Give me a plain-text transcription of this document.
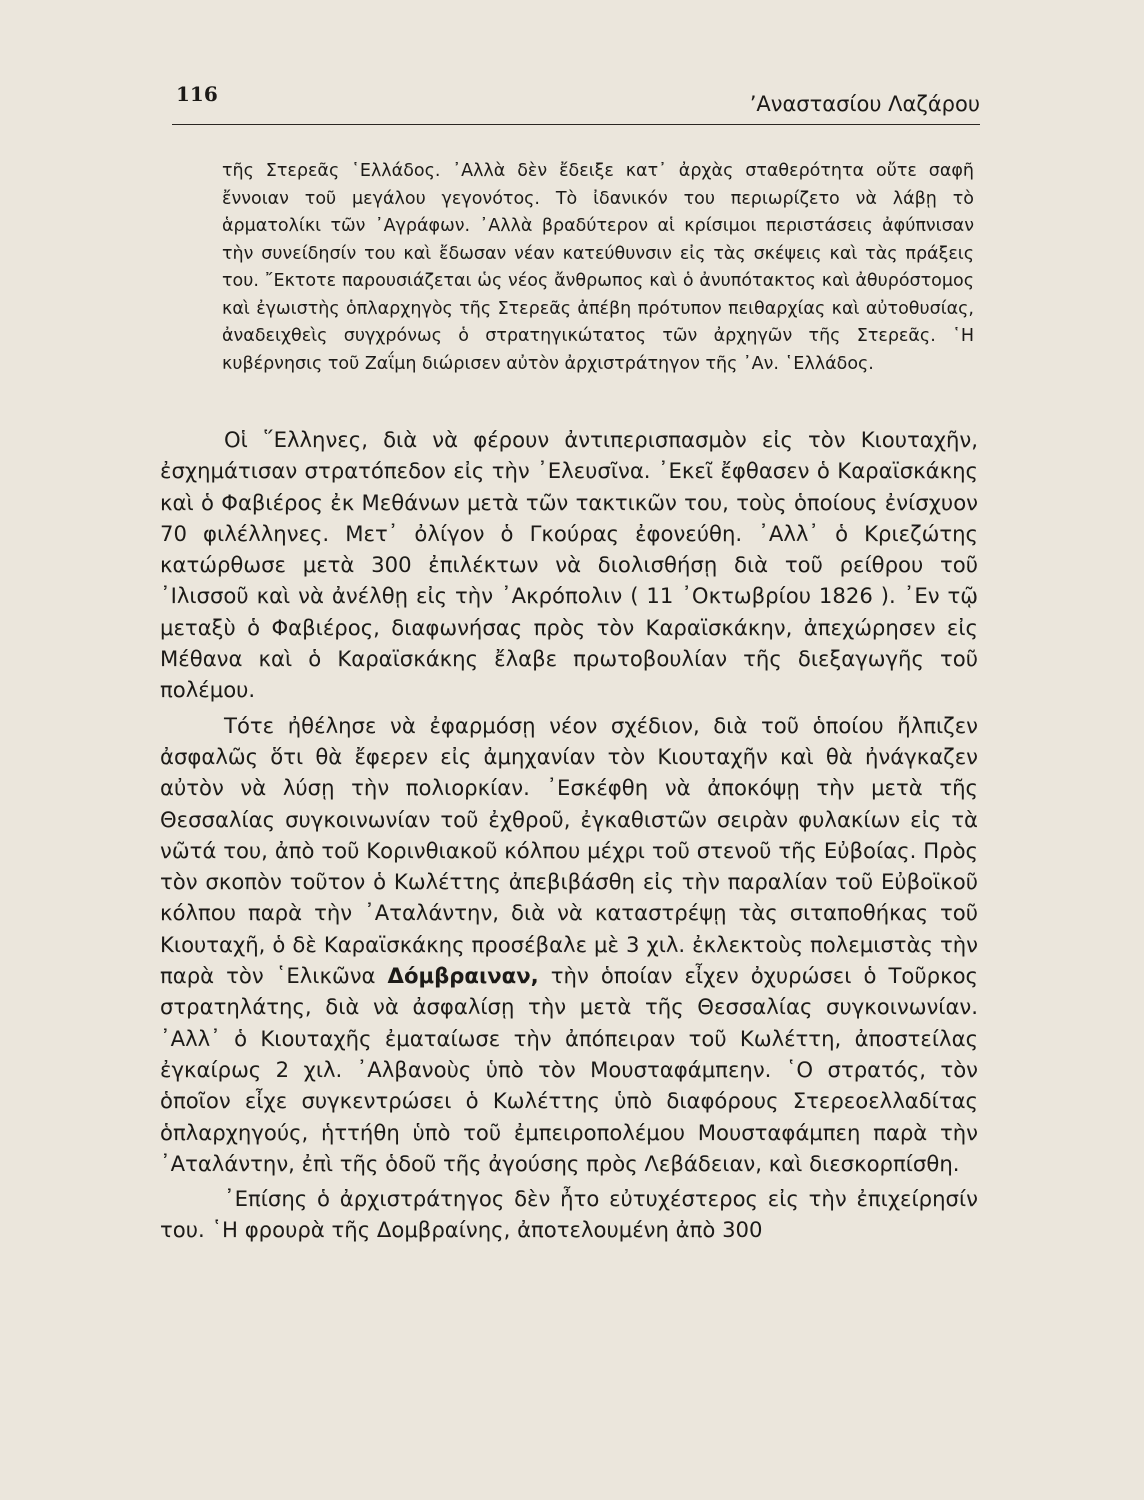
116	’Αναστασίου Λαζάρου

τῆς Στερεᾶς ῾Ελλάδος. ᾿Αλλὰ δὲν ἔδειξε κατ᾿ ἀρχὰς σταθερότητα οὔτε σαφῆ ἔννοιαν τοῦ μεγάλου γεγονότος. Τὸ ἰδανικόν του περιωρίζετο νὰ λάβῃ τὸ ἁρματολίκι τῶν ᾿Αγράφων. ᾿Αλλὰ βραδύτερον αἱ κρίσιμοι περιστάσεις ἀφύπνισαν τὴν συνείδησίν του καὶ ἔδωσαν νέαν κατεύθυνσιν εἰς τὰς σκέψεις καὶ τὰς πράξεις του. ῎Εκτοτε παρουσιάζεται ὡς νέος ἄνθρωπος καὶ ὁ ἀνυπότακτος καὶ ἀθυρόστομος καὶ ἐγωιστὴς ὁπλαρχηγὸς τῆς Στερεᾶς ἀπέβη πρότυπον πειθαρχίας καὶ αὐτοθυσίας, ἀναδειχθεὶς συγχρόνως ὁ στρατηγικώτατος τῶν ἀρχηγῶν τῆς Στερεᾶς. ῾Η κυβέρνησις τοῦ Ζαΐμη διώρισεν αὐτὸν ἀρχιστράτηγον τῆς ᾿Αν. ῾Ελλάδος.

Οἱ ῞Ελληνες, διὰ νὰ φέρουν ἀντιπερισπασμὸν εἰς τὸν Κιουταχῆν, ἐσχημάτισαν στρατόπεδον εἰς τὴν ᾿Ελευσῖνα. ᾿Εκεῖ ἔφθασεν ὁ Καραϊσκάκης καὶ ὁ Φαβιέρος ἐκ Μεθάνων μετὰ τῶν τακτικῶν του, τοὺς ὁποίους ἐνίσχυον 70 φιλέλληνες. Μετ᾿ ὀλίγον ὁ Γκούρας ἐφονεύθη. ᾿Αλλ᾿ ὁ Κριεζώτης κατώρθωσε μετὰ 300 ἐπιλέκτων νὰ διολισθήσῃ διὰ τοῦ ρείθρου τοῦ ᾿Ιλισσοῦ καὶ νὰ ἀνέλθῃ εἰς τὴν ᾿Ακρόπολιν ( 11 ᾿Οκτωβρίου 1826 ). ᾿Εν τῷ μεταξὺ ὁ Φαβιέρος, διαφωνήσας πρὸς τὸν Καραϊσκάκην, ἀπεχώρησεν εἰς Μέθανα καὶ ὁ Καραϊσκάκης ἔλαβε πρωτοβουλίαν τῆς διεξαγωγῆς τοῦ πολέμου.

Τότε ἠθέλησε νὰ ἐφαρμόσῃ νέον σχέδιον, διὰ τοῦ ὁποίου ἤλπιζεν ἀσφαλῶς ὅτι θὰ ἔφερεν εἰς ἀμηχανίαν τὸν Κιουταχῆν καὶ θὰ ἠνάγκαζεν αὐτὸν νὰ λύσῃ τὴν πολιορκίαν. ᾿Εσκέφθη νὰ ἀποκόψῃ τὴν μετὰ τῆς Θεσσαλίας συγκοινωνίαν τοῦ ἐχθροῦ, ἐγκαθιστῶν σειρὰν φυλακίων εἰς τὰ νῶτά του, ἀπὸ τοῦ Κορινθιακοῦ κόλπου μέχρι τοῦ στενοῦ τῆς Εὐβοίας. Πρὸς τὸν σκοπὸν τοῦτον ὁ Κωλέττης ἀπεβιβάσθη εἰς τὴν παραλίαν τοῦ Εὐβοϊκοῦ κόλπου παρὰ τὴν ᾿Αταλάντην, διὰ νὰ καταστρέψῃ τὰς σιταποθήκας τοῦ Κιουταχῆ, ὁ δὲ Καραϊσκάκης προσέβαλε μὲ 3 χιλ. ἐκλεκτοὺς πολεμιστὰς τὴν παρὰ τὸν ῾Ελικῶνα Δόμβραιναν, τὴν ὁποίαν εἶχεν ὀχυρώσει ὁ Τοῦρκος στρατηλάτης, διὰ νὰ ἀσφαλίσῃ τὴν μετὰ τῆς Θεσσαλίας συγκοινωνίαν. ᾿Αλλ᾿ ὁ Κιουταχῆς ἐματαίωσε τὴν ἀπόπειραν τοῦ Κωλέττη, ἀποστείλας ἐγκαίρως 2 χιλ. ᾿Αλβανοὺς ὑπὸ τὸν Μουσταφάμπεην. ῾Ο στρατός, τὸν ὁποῖον εἶχε συγκεντρώσει ὁ Κωλέττης ὑπὸ διαφόρους Στερεοελλαδίτας ὁπλαρχηγούς, ἡττήθη ὑπὸ τοῦ ἐμπειροπολέμου Μουσταφάμπεη παρὰ τὴν ᾿Αταλάντην, ἐπὶ τῆς ὁδοῦ τῆς ἀγούσης πρὸς Λεβάδειαν, καὶ διεσκορπίσθη.

᾿Επίσης ὁ ἀρχιστράτηγος δὲν ἦτο εὐτυχέστερος εἰς τὴν ἐπιχείρησίν του. ῾Η φρουρὰ τῆς Δομβραίνης, ἀποτελουμένη ἀπὸ 300
